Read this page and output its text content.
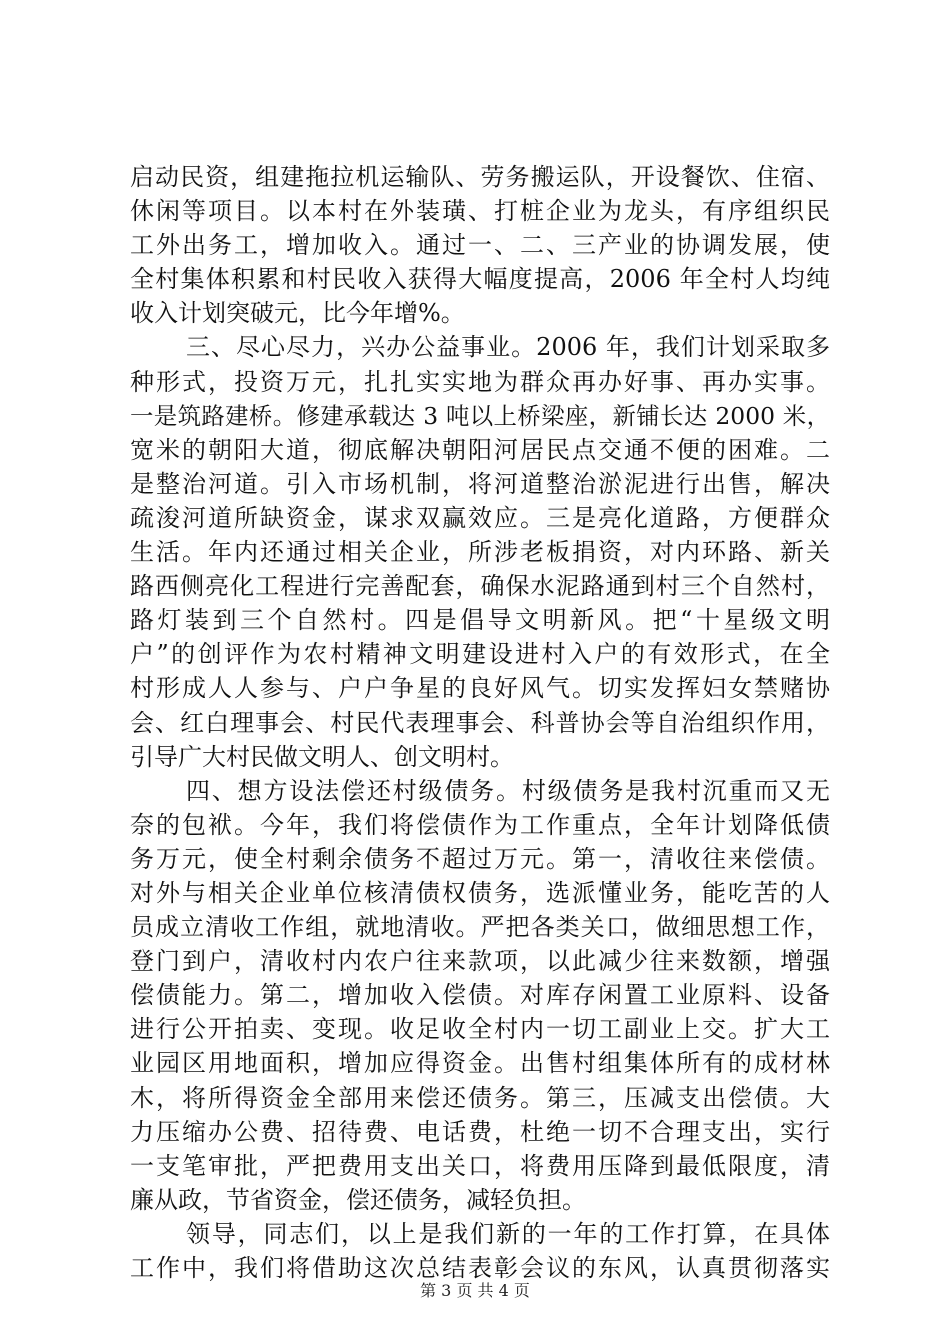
启动民资，组建拖拉机运输队、劳务搬运队，开设餐饮、住宿、
休闲等项目。以本村在外装璜、打桩企业为龙头，有序组织民
工外出务工，增加收入。通过一、二、三产业的协调发展，使
全村集体积累和村民收入获得大幅度提高，2006 年全村人均纯
收入计划突破元，比今年增%。
三、尽心尽力，兴办公益事业。2006 年，我们计划采取多
种形式，投资万元，扎扎实实地为群众再办好事、再办实事。
一是筑路建桥。修建承载达 3 吨以上桥梁座，新铺长达 2000 米，
宽米的朝阳大道，彻底解决朝阳河居民点交通不便的困难。二
是整治河道。引入市场机制，将河道整治淤泥进行出售，解决
疏浚河道所缺资金，谋求双赢效应。三是亮化道路，方便群众
生活。年内还通过相关企业，所涉老板捐资，对内环路、新关
路西侧亮化工程进行完善配套，确保水泥路通到村三个自然村，
路灯装到三个自然村。四是倡导文明新风。把“十星级文明
户”的创评作为农村精神文明建设进村入户的有效形式，在全
村形成人人参与、户户争星的良好风气。切实发挥妇女禁赌协
会、红白理事会、村民代表理事会、科普协会等自治组织作用，
引导广大村民做文明人、创文明村。
四、想方设法偿还村级债务。村级债务是我村沉重而又无
奈的包袱。今年，我们将偿债作为工作重点，全年计划降低债
务万元，使全村剩余债务不超过万元。第一，清收往来偿债。
对外与相关企业单位核清债权债务，选派懂业务，能吃苦的人
员成立清收工作组，就地清收。严把各类关口，做细思想工作，
登门到户，清收村内农户往来款项，以此减少往来数额，增强
偿债能力。第二，增加收入偿债。对库存闲置工业原料、设备
进行公开拍卖、变现。收足收全村内一切工副业上交。扩大工
业园区用地面积，增加应得资金。出售村组集体所有的成材林
木，将所得资金全部用来偿还债务。第三，压减支出偿债。大
力压缩办公费、招待费、电话费，杜绝一切不合理支出，实行
一支笔审批，严把费用支出关口，将费用压降到最低限度，清
廉从政，节省资金，偿还债务，减轻负担。
领导，同志们，以上是我们新的一年的工作打算，在具体
工作中，我们将借助这次总结表彰会议的东风，认真贯彻落实
第 3 页 共 4 页
